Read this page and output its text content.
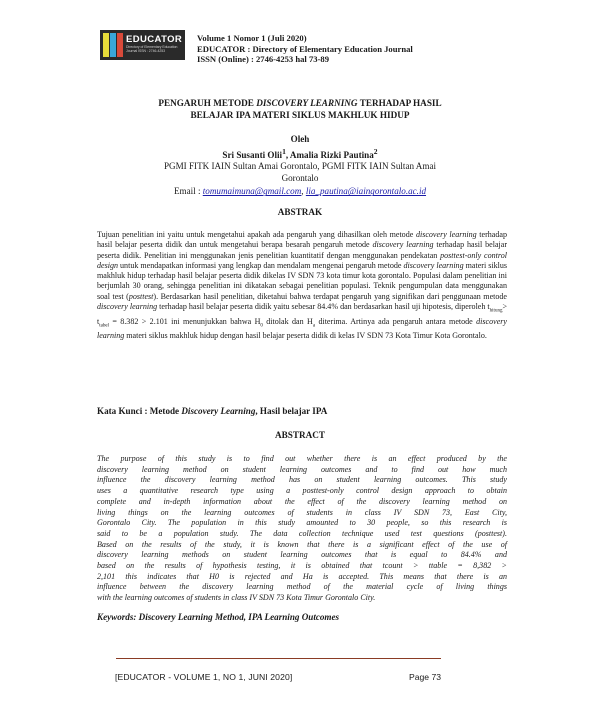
EDUCATOR
Directory of Elementary Education Journal ISSN : 2746-4253
Volume 1 Nomor 1 (Juli 2020)
EDUCATOR : Directory of Elementary Education Journal
ISSN (Online) : 2746-4253 hal 73-89
PENGARUH METODE DISCOVERY LEARNING TERHADAP HASIL
BELAJAR IPA MATERI SIKLUS MAKHLUK HIDUP
Oleh
Sri Susanti Olii$^1$, Amalia Rizki Pautina$^2$
PGMI FITK IAIN Sultan Amai Gorontalo, PGMI FITK IAIN Sultan Amai
Gorontalo
Email : tomumaimuna@gmail.com, lia_pautina@iaingorontalo.ac.id
ABSTRAK
Tujuan penelitian ini yaitu untuk mengetahui apakah ada pengaruh yang dihasilkan oleh metode discovery learning terhadap hasil belajar peserta didik dan untuk mengetahui berapa besarah pengaruh metode discovery learning terhadap hasil belajar peserta didik. Penelitian ini menggunakan jenis penelitian kuantitatif dengan menggunakan pendekatan posttest-only control design untuk mendapatkan informasi yang lengkap dan mendalam mengenai pengaruh metode discovery learning materi siklus makhluk hidup terhadap hasil belajar peserta didik dikelas IV SDN 73 kota timur kota gorontalo. Populasi dalam penelitian ini berjumlah 30 orang, sehingga penelitian ini dikatakan sebagai penelitian populasi. Teknik pengumpulan data menggunakan soal test (posttest). Berdasarkan hasil penelitian, diketahui bahwa terdapat pengaruh yang signifikan dari penggunaan metode discovery learning terhadap hasil belajar peserta didik yaitu sebesar 84.4% dan berdasarkan hasil uji hipotesis, diperoleh $t_{hitung}> t_{tabel} = 8.382 > 2.101$ ini menunjukkan bahwa $H_0$ ditolak dan $H_a$ diterima. Artinya ada pengaruh antara metode discovery learning materi siklus makhluk hidup dengan hasil belajar peserta didik di kelas IV SDN 73 Kota Timur Kota Gorontalo.
Kata Kunci : Metode Discovery Learning, Hasil belajar IPA
ABSTRACT
The purpose of this study is to find out whether there is an effect produced by the
discovery learning method on student learning outcomes and to find out how much
influence the discovery learning method has on student learning outcomes. This study
uses a quantitative research type using a posttest-only control design approach to obtain
complete and in-depth information about the effect of the discovery learning method on
living things on the learning outcomes of students in class IV SDN 73, East City,
Gorontalo City. The population in this study amounted to 30 people, so this research is
said to be a population study. The data collection technique used test questions (posttest).
Based on the results of the study, it is known that there is a significant effect of the use of
discovery learning methods on student learning outcomes that is equal to 84.4% and
based on the results of hypothesis testing, it is obtained that tcount > ttable = 8,382 >
2,101 this indicates that H0 is rejected and Ha is accepted. This means that there is an
influence between the discovery learning method of the material cycle of living things
with the learning outcomes of students in class IV SDN 73 Kota Timur Gorontalo City.
Keywords: Discovery Learning Method, IPA Learning Outcomes
[EDUCATOR - VOLUME 1, NO 1, JUNI 2020]	Page 73
